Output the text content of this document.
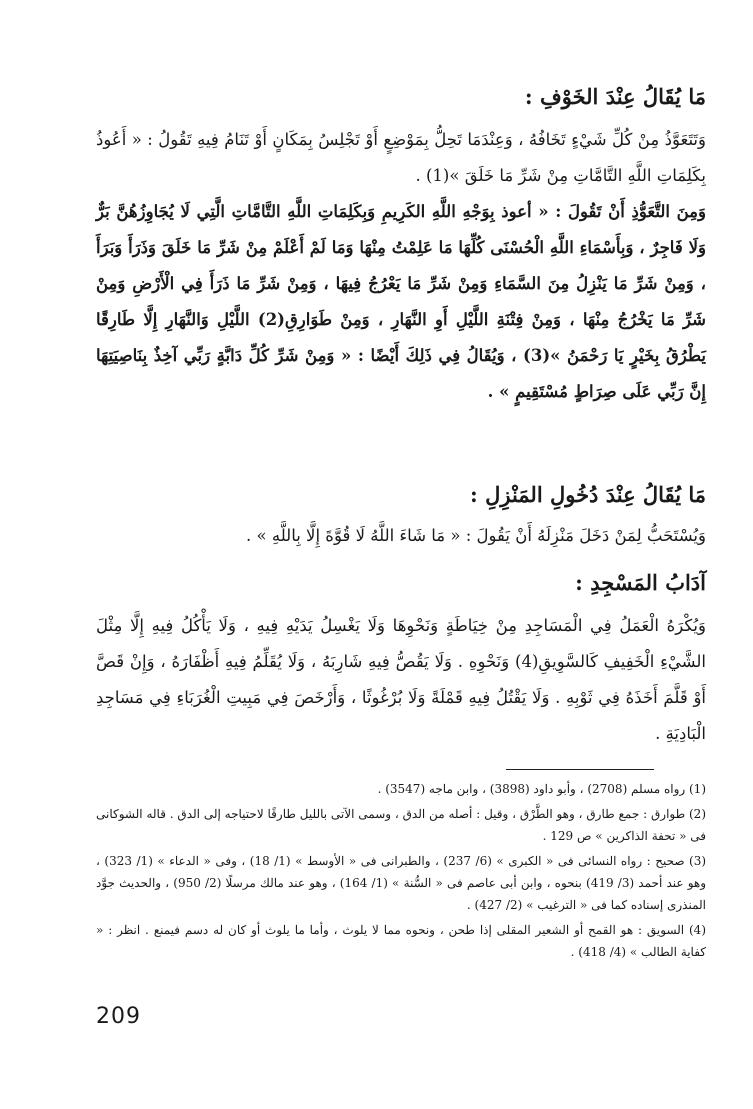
مَا يُقَالُ عِنْدَ الخَوْفِ :
وَتَتَعَوَّذُ مِنْ كُلِّ شَيْءٍ تَخَافُهُ ، وَعِنْدَمَا تَحِلُّ بِمَوْضِعٍ أَوْ تَجْلِسُ بِمَكَانٍ أَوْ تَنَامُ فِيهِ تَقُولُ : « أَعُوذُ بِكَلِمَاتِ اللَّهِ التَّامَّاتِ مِنْ شَرِّ مَا خَلَقَ »(1) .
وَمِنَ التَّعَوُّذِ أَنْ تَقُولَ : « أعوذ بِوَجْهِ اللَّهِ الكَرِيمِ وَبِكَلِمَاتِ اللَّهِ التَّامَّاتِ الَّتِي لَا يُجَاوِزُهُنَّ بَرٌّ وَلَا فَاجِرٌ ، وَبِأَسْمَاءِ اللَّهِ الْحُسْنَى كُلِّهَا مَا عَلِمْتُ مِنْهَا وَمَا لَمْ أَعْلَمْ مِنْ شَرِّ مَا خَلَقَ وَذَرَأَ وَبَرَأَ ، وَمِنْ شَرِّ مَا يَنْزِلُ مِنَ السَّمَاءِ وَمِنْ شَرِّ مَا يَعْرُجُ فِيهَا ، وَمِنْ شَرِّ مَا ذَرَأَ فِي الْأَرْضِ وَمِنْ شَرِّ مَا يَخْرُجُ مِنْهَا ، وَمِنْ فِتْنَةِ اللَّيْلِ أَوِ النَّهَارِ ، وَمِنْ طَوَارِقِ(2) اللَّيْلِ وَالنَّهَارِ إِلَّا طَارِقًا يَطْرُقُ بِخَيْرٍ يَا رَحْمَنُ »(3) ، وَيُقَالُ فِي ذَلِكَ أَيْضًا : « وَمِنْ شَرِّ كُلِّ دَابَّةٍ رَبِّي آخِذٌ بِنَاصِيَتِهَا إِنَّ رَبِّي عَلَى صِرَاطٍ مُسْتَقِيمٍ » .
مَا يُقَالُ عِنْدَ دُخُولِ المَنْزِلِ :
وَيُسْتَحَبُّ لِمَنْ دَخَلَ مَنْزِلَهُ أَنْ يَقُولَ : « مَا شَاءَ اللَّهُ لَا قُوَّةَ إِلَّا بِاللَّهِ » .
آدَابُ المَسْجِدِ :
وَيُكْرَهُ الْعَمَلُ فِي الْمَسَاجِدِ مِنْ خِيَاطَةٍ وَنَحْوِهَا وَلَا يَغْسِلُ يَدَيْهِ فِيهِ ، وَلَا يَأْكُلُ فِيهِ إِلَّا مِثْلَ الشَّيْءِ الْخَفِيفِ كَالسَّوِيقِ(4) وَنَحْوِهِ . وَلَا يَقُصُّ فِيهِ شَارِبَهُ ، وَلَا يُقَلِّمُ فِيهِ أَظْفَارَهُ ، وَإِنْ قَصَّ أَوْ قَلَّمَ أَخَذَهُ فِي ثَوْبِهِ . وَلَا يَقْتُلُ فِيهِ قَمْلَةً وَلَا بُرْغُوثًا ، وَأَرْخَصَ فِي مَبِيتِ الْغُرَبَاءِ فِي مَسَاجِدِ الْبَادِيَةِ .

(1) رواه مسلم (2708) ، وأبو داود (3898) ، وابن ماجه (3547) .

(2) طوارق : جمع طارق ، وهو الطَّرْق ، وقيل : أصله من الدق ، وسمى الآتى بالليل طارقًا لاحتياجه إلى الدق . قاله الشوكانى فى « تحفة الذاكرين » ص 129 .

(3) صحيح : رواه النسائى فى « الكبرى » (6/ 237) ، والطبرانى فى « الأوسط » (1/ 18) ، وفى « الدعاء » (1/ 323) ، وهو عند أحمد (3/ 419) بنحوه ، وابن أبى عاصم فى « السُّنة » (1/ 164) ، وهو عند مالك مرسلًا (2/ 950) ، والحديث جوَّد المنذرى إسناده كما فى « الترغيب » (2/ 427) .

(4) السويق : هو القمح أو الشعير المقلى إذا طحن ، ونحوه مما لا يلوث ، وأما ما يلوث أو كان له دسم فيمنع . انظر : « كفاية الطالب » (4/ 418) .

209
